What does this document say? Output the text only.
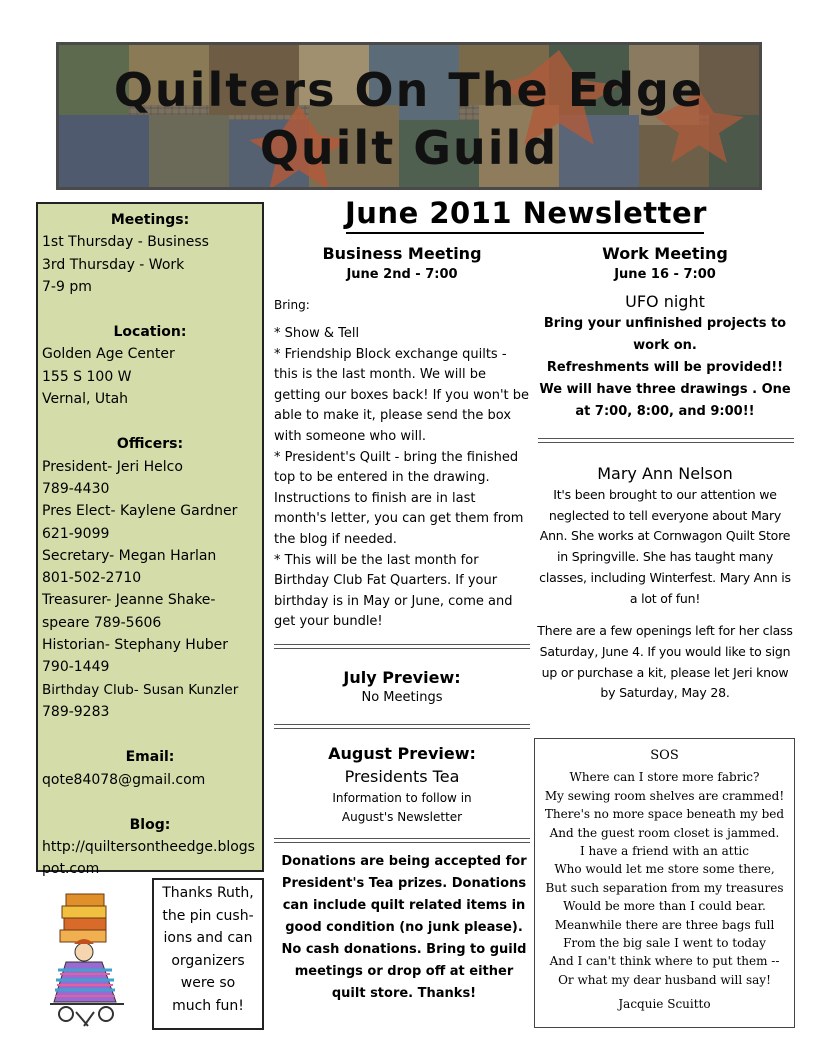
Quilters On The Edge
Quilt Guild
Meetings:
1st Thursday - Business
3rd Thursday - Work
7-9 pm
Location:
Golden Age Center
155 S 100 W
Vernal, Utah
Officers:
President- Jeri Helco
789-4430
Pres Elect- Kaylene Gardner
621-9099
Secretary- Megan Harlan
801-502-2710
Treasurer- Jeanne Shake-
speare 789-5606
Historian- Stephany Huber
790-1449
Birthday Club- Susan Kunzler
789-9283
Email:
qote84078@gmail.com
Blog:
http://quiltersontheedge.blogspot.com
Thanks Ruth,
the pin cush-
ions and can
organizers
were so
much fun!
June 2011 Newsletter
Business Meeting
June 2nd - 7:00
Bring:
* Show & Tell
* Friendship Block exchange quilts - this is the last month. We will be getting our boxes back! If you won't be able to make it, please send the box with someone who will.
* President's Quilt - bring the finished top to be entered in the drawing. Instructions to finish are in last month's letter, you can get them from the blog if needed.
* This will be the last month for Birthday Club Fat Quarters. If your birthday is in May or June, come and get your bundle!
July Preview:
No Meetings
August Preview:
Presidents Tea
Information to follow in
August's Newsletter
Donations are being accepted for President's Tea prizes. Donations can include quilt related items in good condition (no junk please). No cash donations. Bring to guild meetings or drop off at either quilt store. Thanks!
Work Meeting
June 16 - 7:00
UFO night
Bring your unfinished projects to work on.
Refreshments will be provided!!
We will have three drawings . One at 7:00, 8:00, and 9:00!!
Mary Ann Nelson
It's been brought to our attention we neglected to tell everyone about Mary Ann. She works at Cornwagon Quilt Store in Springville. She has taught many classes, including Winterfest. Mary Ann is a lot of fun!
There are a few openings left for her class Saturday, June 4. If you would like to sign up or purchase a kit, please let Jeri know by Saturday, May 28.
SOS
Where can I store more fabric?
My sewing room shelves are crammed!
There's no more space beneath my bed
And the guest room closet is jammed.
I have a friend with an attic
Who would let me store some there,
But such separation from my treasures
Would be more than I could bear.
Meanwhile there are three bags full
From the big sale I went to today
And I can't think where to put them --
Or what my dear husband will say!
Jacquie Scuitto
